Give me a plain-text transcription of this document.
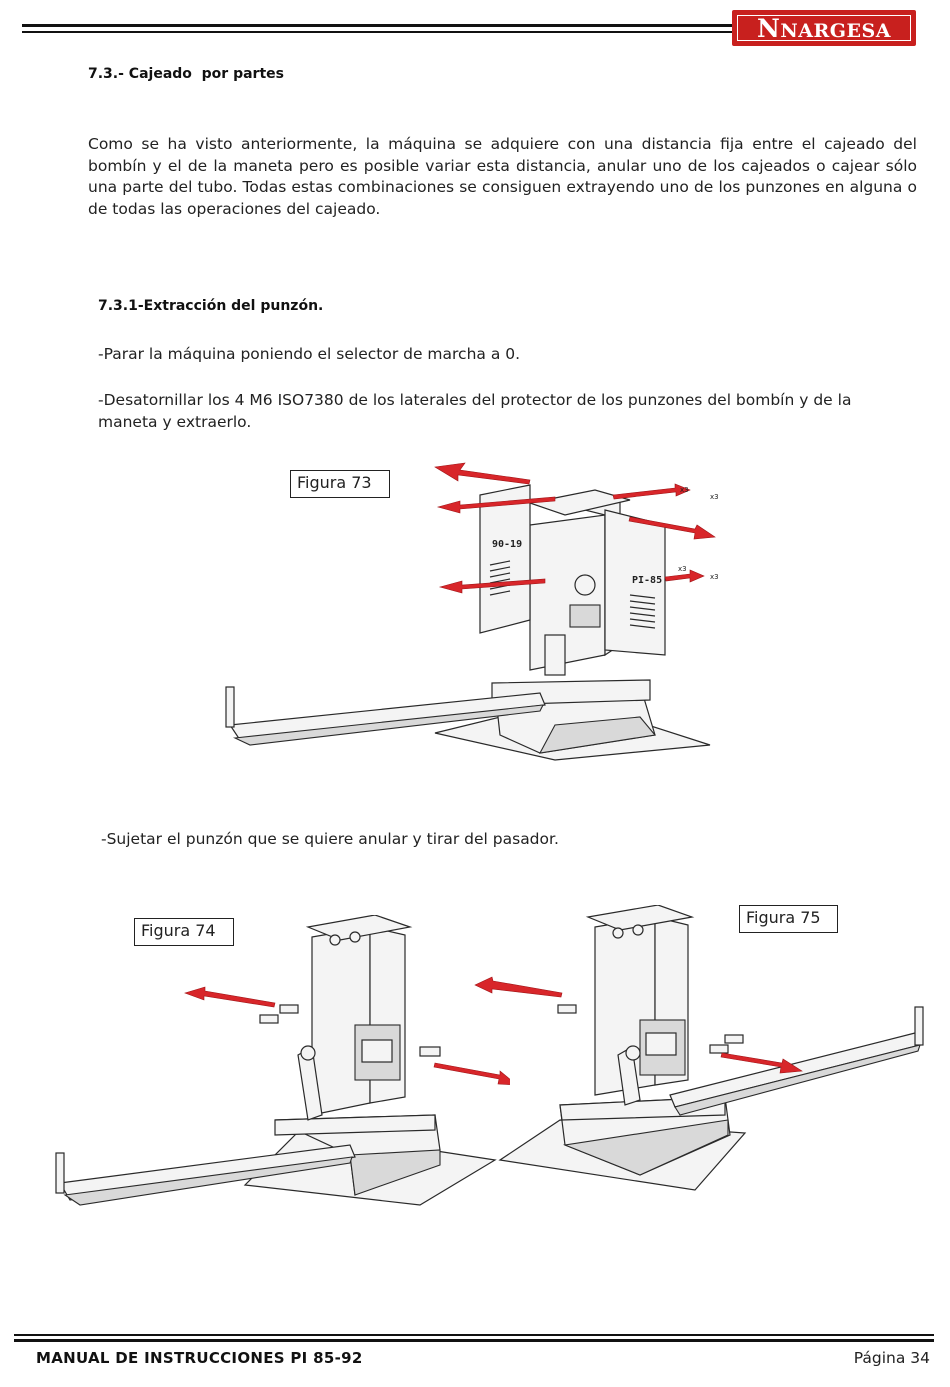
NNARGESA
7.3.- Cajeado  por partes
Como se ha visto anteriormente, la máquina se adquiere con una distancia fija entre el cajeado del bombín y el de la maneta pero es posible variar esta distancia, anular uno de los cajeados o cajear sólo una parte del tubo. Todas estas combinaciones se consiguen extrayendo uno de los punzones en alguna o de todas las operaciones del cajeado.
7.3.1-Extracción del punzón.
-Parar la máquina poniendo el selector de marcha a 0.
-Desatornillar los 4 M6 ISO7380 de los laterales del protector de los punzones del bombín y de la maneta y extraerlo.
Figura 73
90-19
PI-85
x3
x3
x3
x3
-Sujetar el punzón que se quiere anular y tirar del pasador.
Figura 74
Figura 75
MANUAL DE INSTRUCCIONES PI 85-92	Página 34
